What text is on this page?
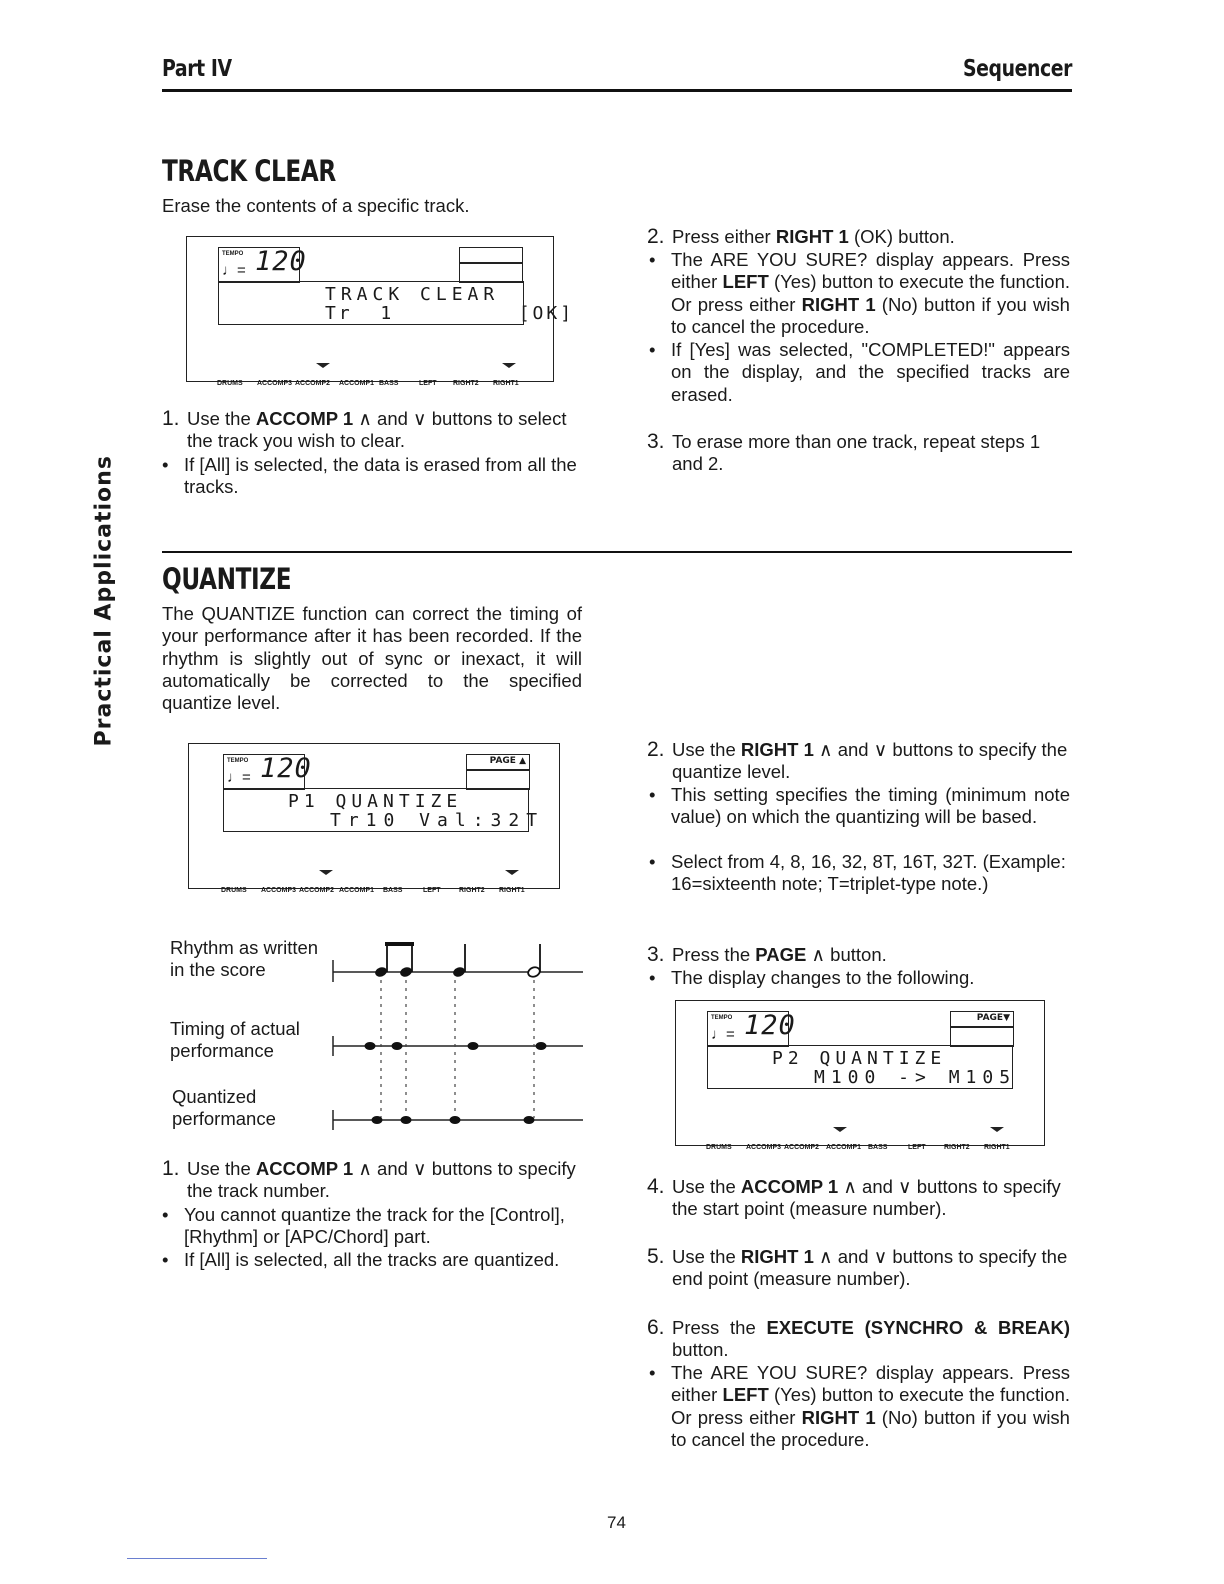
Part IV	Sequencer
TRACK CLEAR
Erase the contents of a specific track.
TEMPO
♩= 120
TRACK CLEAR
Tr  1         [OK]
DRUMS ACCOMP3 ACCOMP2 ACCOMP1 BASS	LEFT RIGHT2 RIGHT1
1. Use the ACCOMP 1 ∧ and ∨ buttons to select the track you wish to clear.
• If [All] is selected, the data is erased from all the tracks.
2. Press either RIGHT 1 (OK) button.
• The ARE YOU SURE? display appears. Press either LEFT (Yes) button to execute the function. Or press either RIGHT 1 (No) button if you wish to cancel the procedure.
• If [Yes] was selected, "COMPLETED!" appears on the display, and the specified tracks are erased.
3. To erase more than one track, repeat steps 1 and 2.
QUANTIZE
The QUANTIZE function can correct the timing of your performance after it has been recorded. If the rhythm is slightly out of sync or inexact, it will automatically be corrected to the specified quantize level.
TEMPO
♩= 120	PAGE ▲
P1 QUANTIZE
Tr10 Val:32T
DRUMS ACCOMP3 ACCOMP2 ACCOMP1 BASS	LEFT	RIGHT2 RIGHT1
Rhythm as written
in the score
Timing of actual
performance
Quantized
performance
1. Use the ACCOMP 1 ∧ and ∨ buttons to specify the track number.
• You cannot quantize the track for the [Control], [Rhythm] or [APC/Chord] part.
• If [All] is selected, all the tracks are quantized.
2. Use the RIGHT 1 ∧ and ∨ buttons to specify the quantize level.
• This setting specifies the timing (minimum note value) on which the quantizing will be based.
• Select from 4, 8, 16, 32, 8T, 16T, 32T. (Example: 16=sixteenth note; T=triplet-type note.)
3. Press the PAGE ∧ button.
• The display changes to the following.
TEMPO
♩= 120	PAGE▼
P2 QUANTIZE
M100 -> M105
DRUMS ACCOMP3 ACCOMP2 ACCOMP1 BASS	LEFT	RIGHT2 RIGHT1
4. Use the ACCOMP 1 ∧ and ∨ buttons to specify the start point (measure number).
5. Use the RIGHT 1 ∧ and ∨ buttons to specify the end point (measure number).
6. Press the EXECUTE (SYNCHRO & BREAK) button.
• The ARE YOU SURE? display appears. Press either LEFT (Yes) button to execute the function. Or press either RIGHT 1 (No) button if you wish to cancel the procedure.
Practical Applications
74
